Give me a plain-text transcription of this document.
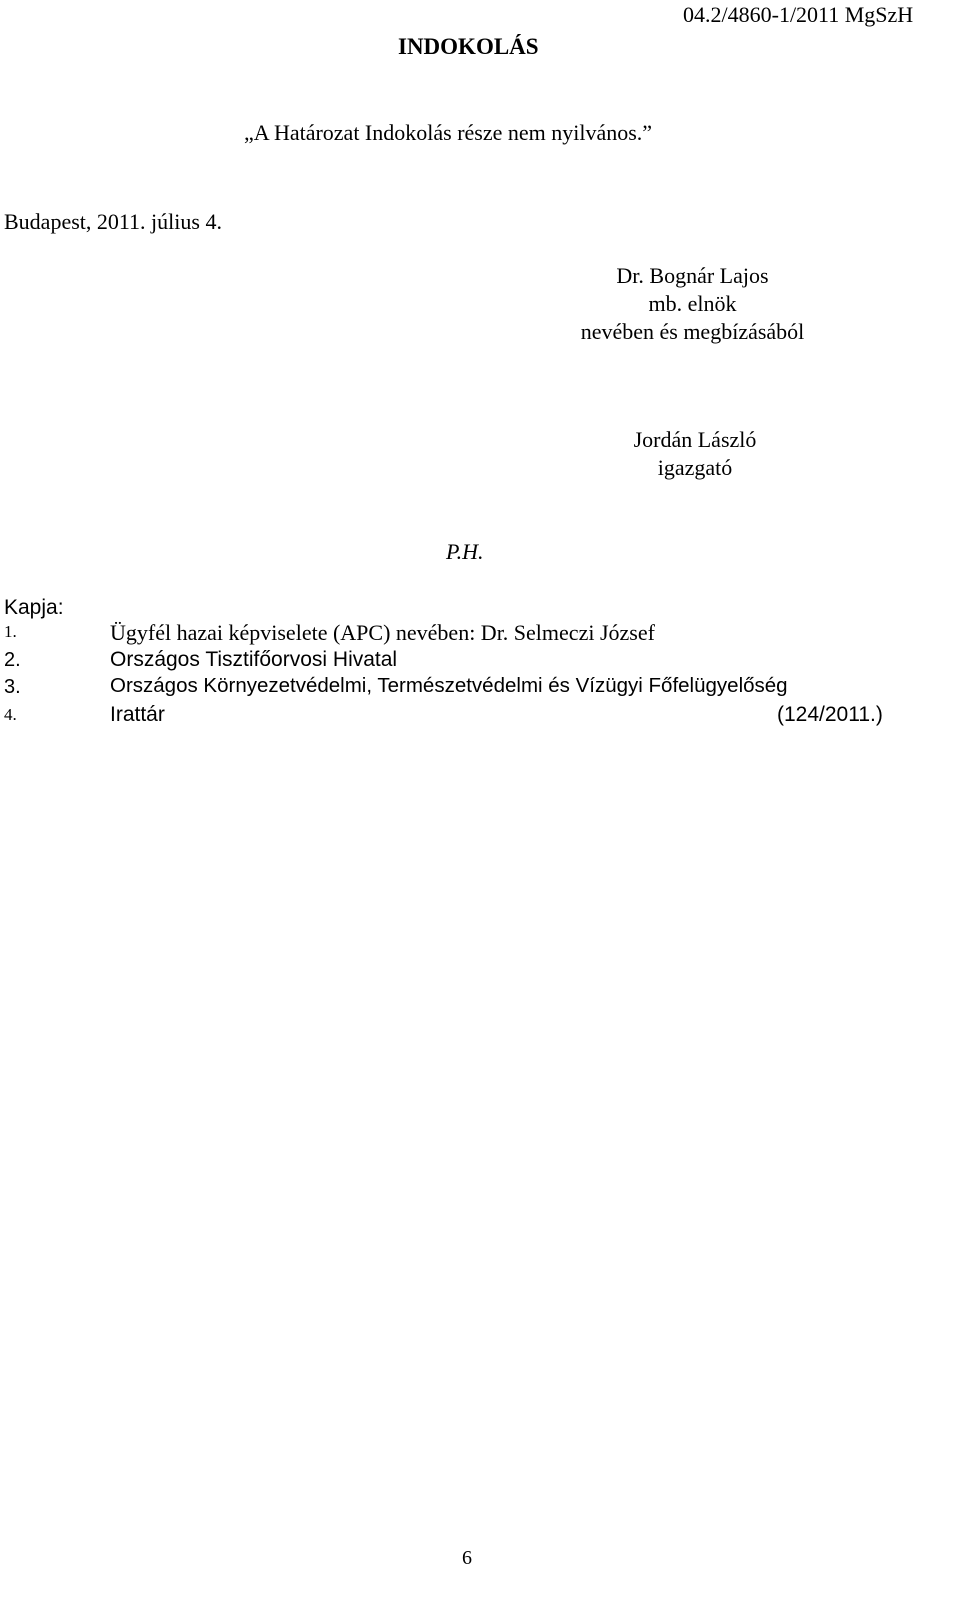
04.2/4860-1/2011 MgSzH
INDOKOLÁS
„A Határozat Indokolás része nem nyilvános.”
Budapest, 2011. július 4.
Dr. Bognár Lajos
mb. elnök
nevében és megbízásából
Jordán László
igazgató
P.H.
Kapja:
1.	Ügyfél hazai képviselete (APC) nevében: Dr. Selmeczi József
2.	Országos Tisztifőorvosi Hivatal
3.	Országos Környezetvédelmi, Természetvédelmi és Vízügyi Főfelügyelőség
4.	Irattár	(124/2011.)
6
